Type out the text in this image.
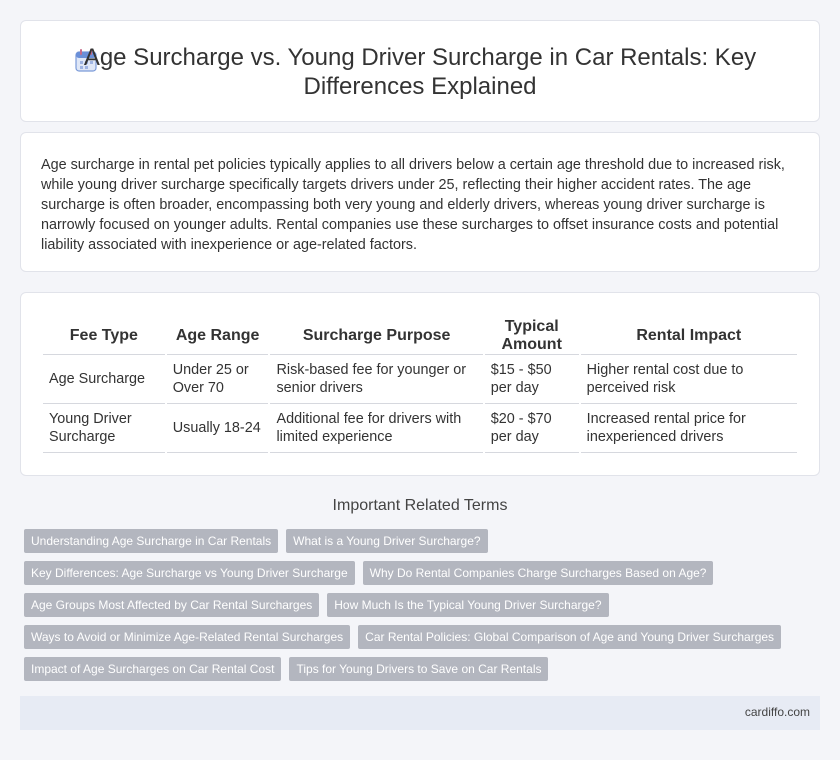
Age Surcharge vs. Young Driver Surcharge in Car Rentals: Key Differences Explained

Age surcharge in rental pet policies typically applies to all drivers below a certain age threshold due to increased risk, while young driver surcharge specifically targets drivers under 25, reflecting their higher accident rates. The age surcharge is often broader, encompassing both very young and elderly drivers, whereas young driver surcharge is narrowly focused on younger adults. Rental companies use these surcharges to offset insurance costs and potential liability associated with inexperience or age-related factors.

Fee Type	Age Range	Surcharge Purpose	Typical Amount	Rental Impact
Age Surcharge	Under 25 or Over 70	Risk-based fee for younger or senior drivers	$15 - $50 per day	Higher rental cost due to perceived risk
Young Driver Surcharge	Usually 18-24	Additional fee for drivers with limited experience	$20 - $70 per day	Increased rental price for inexperienced drivers
Important Related Terms
Understanding Age Surcharge in Car Rentals	What is a Young Driver Surcharge?
Key Differences: Age Surcharge vs Young Driver Surcharge	Why Do Rental Companies Charge Surcharges Based on Age?
Age Groups Most Affected by Car Rental Surcharges	How Much Is the Typical Young Driver Surcharge?
Ways to Avoid or Minimize Age-Related Rental Surcharges	Car Rental Policies: Global Comparison of Age and Young Driver Surcharges
Impact of Age Surcharges on Car Rental Cost	Tips for Young Drivers to Save on Car Rentals
cardiffo.com
